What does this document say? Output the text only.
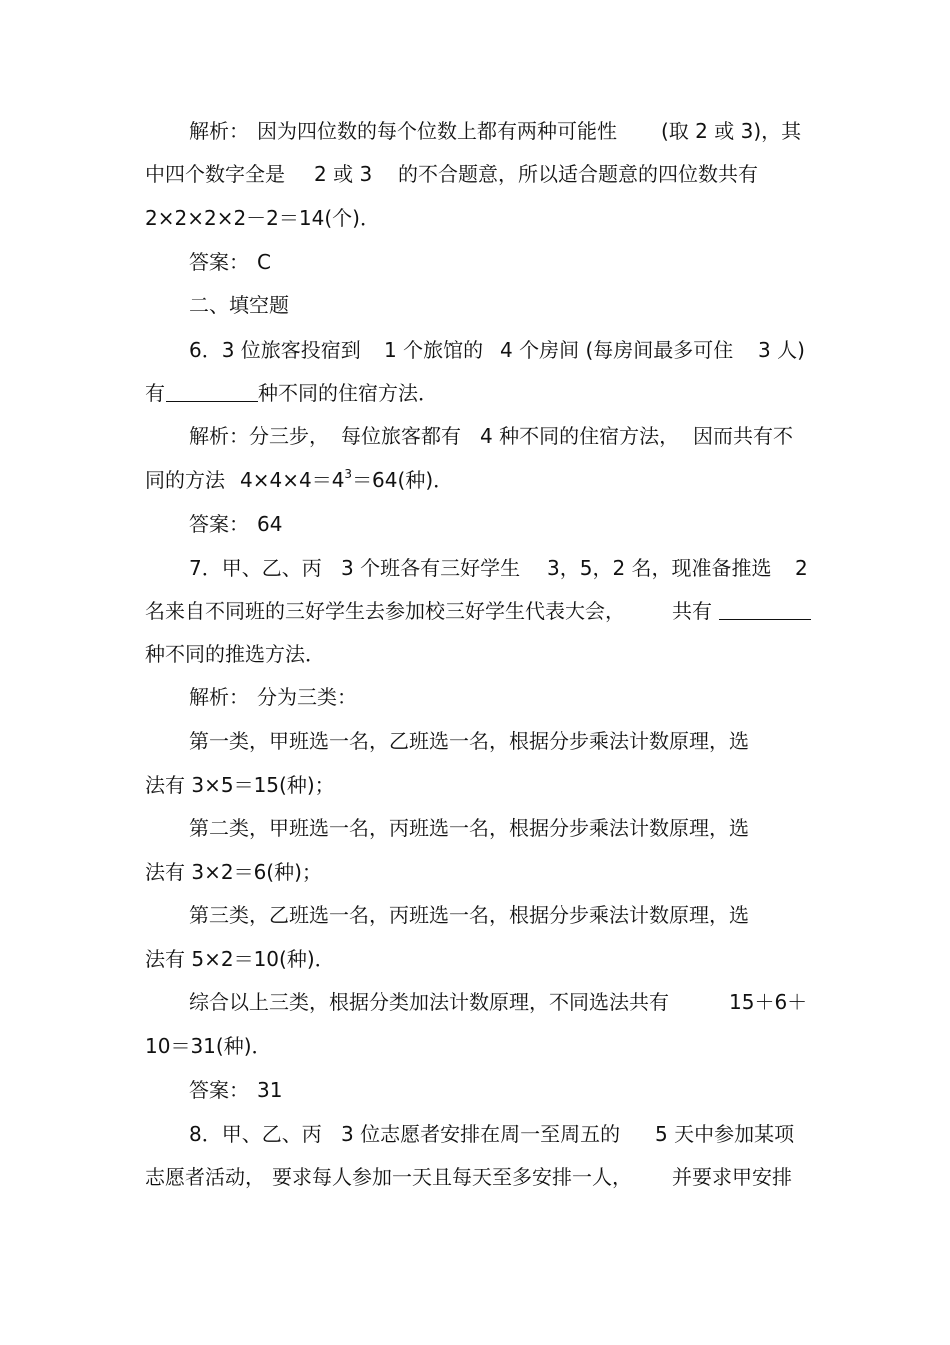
解析： 因为四位数的每个位数上都有两种可能性 (取 2 或 3)，其
中四个数字全是 2 或 3 的不合题意，所以适合题意的四位数共有
2×2×2×2－2＝14(个)．
答案： C
二、填空题
6．3 位旅客投宿到 1 个旅馆的 4 个房间 (每房间最多可住 3 人)
有	种不同的住宿方法．
解析：分三步， 每位旅客都有 4 种不同的住宿方法， 因而共有不
同的方法 $4\times 4\times 4=4^3=64$(种)．
答案： 64
7．甲、乙、丙 3 个班各有三好学生 3，5，2 名，现准备推选 2
名来自不同班的三好学生去参加校三好学生代表大会， 共有
种不同的推选方法．
解析： 分为三类：
第一类，甲班选一名，乙班选一名，根据分步乘法计数原理，选
法有 3×5＝15(种)；
第二类，甲班选一名，丙班选一名，根据分步乘法计数原理，选
法有 3×2＝6(种)；
第三类，乙班选一名，丙班选一名，根据分步乘法计数原理，选
法有 5×2＝10(种)．
综合以上三类，根据分类加法计数原理，不同选法共有	15＋6＋
10＝31(种)．
答案： 31
8．甲、乙、丙 3 位志愿者安排在周一至周五的 5 天中参加某项
志愿者活动， 要求每人参加一天且每天至多安排一人， 并要求甲安排
